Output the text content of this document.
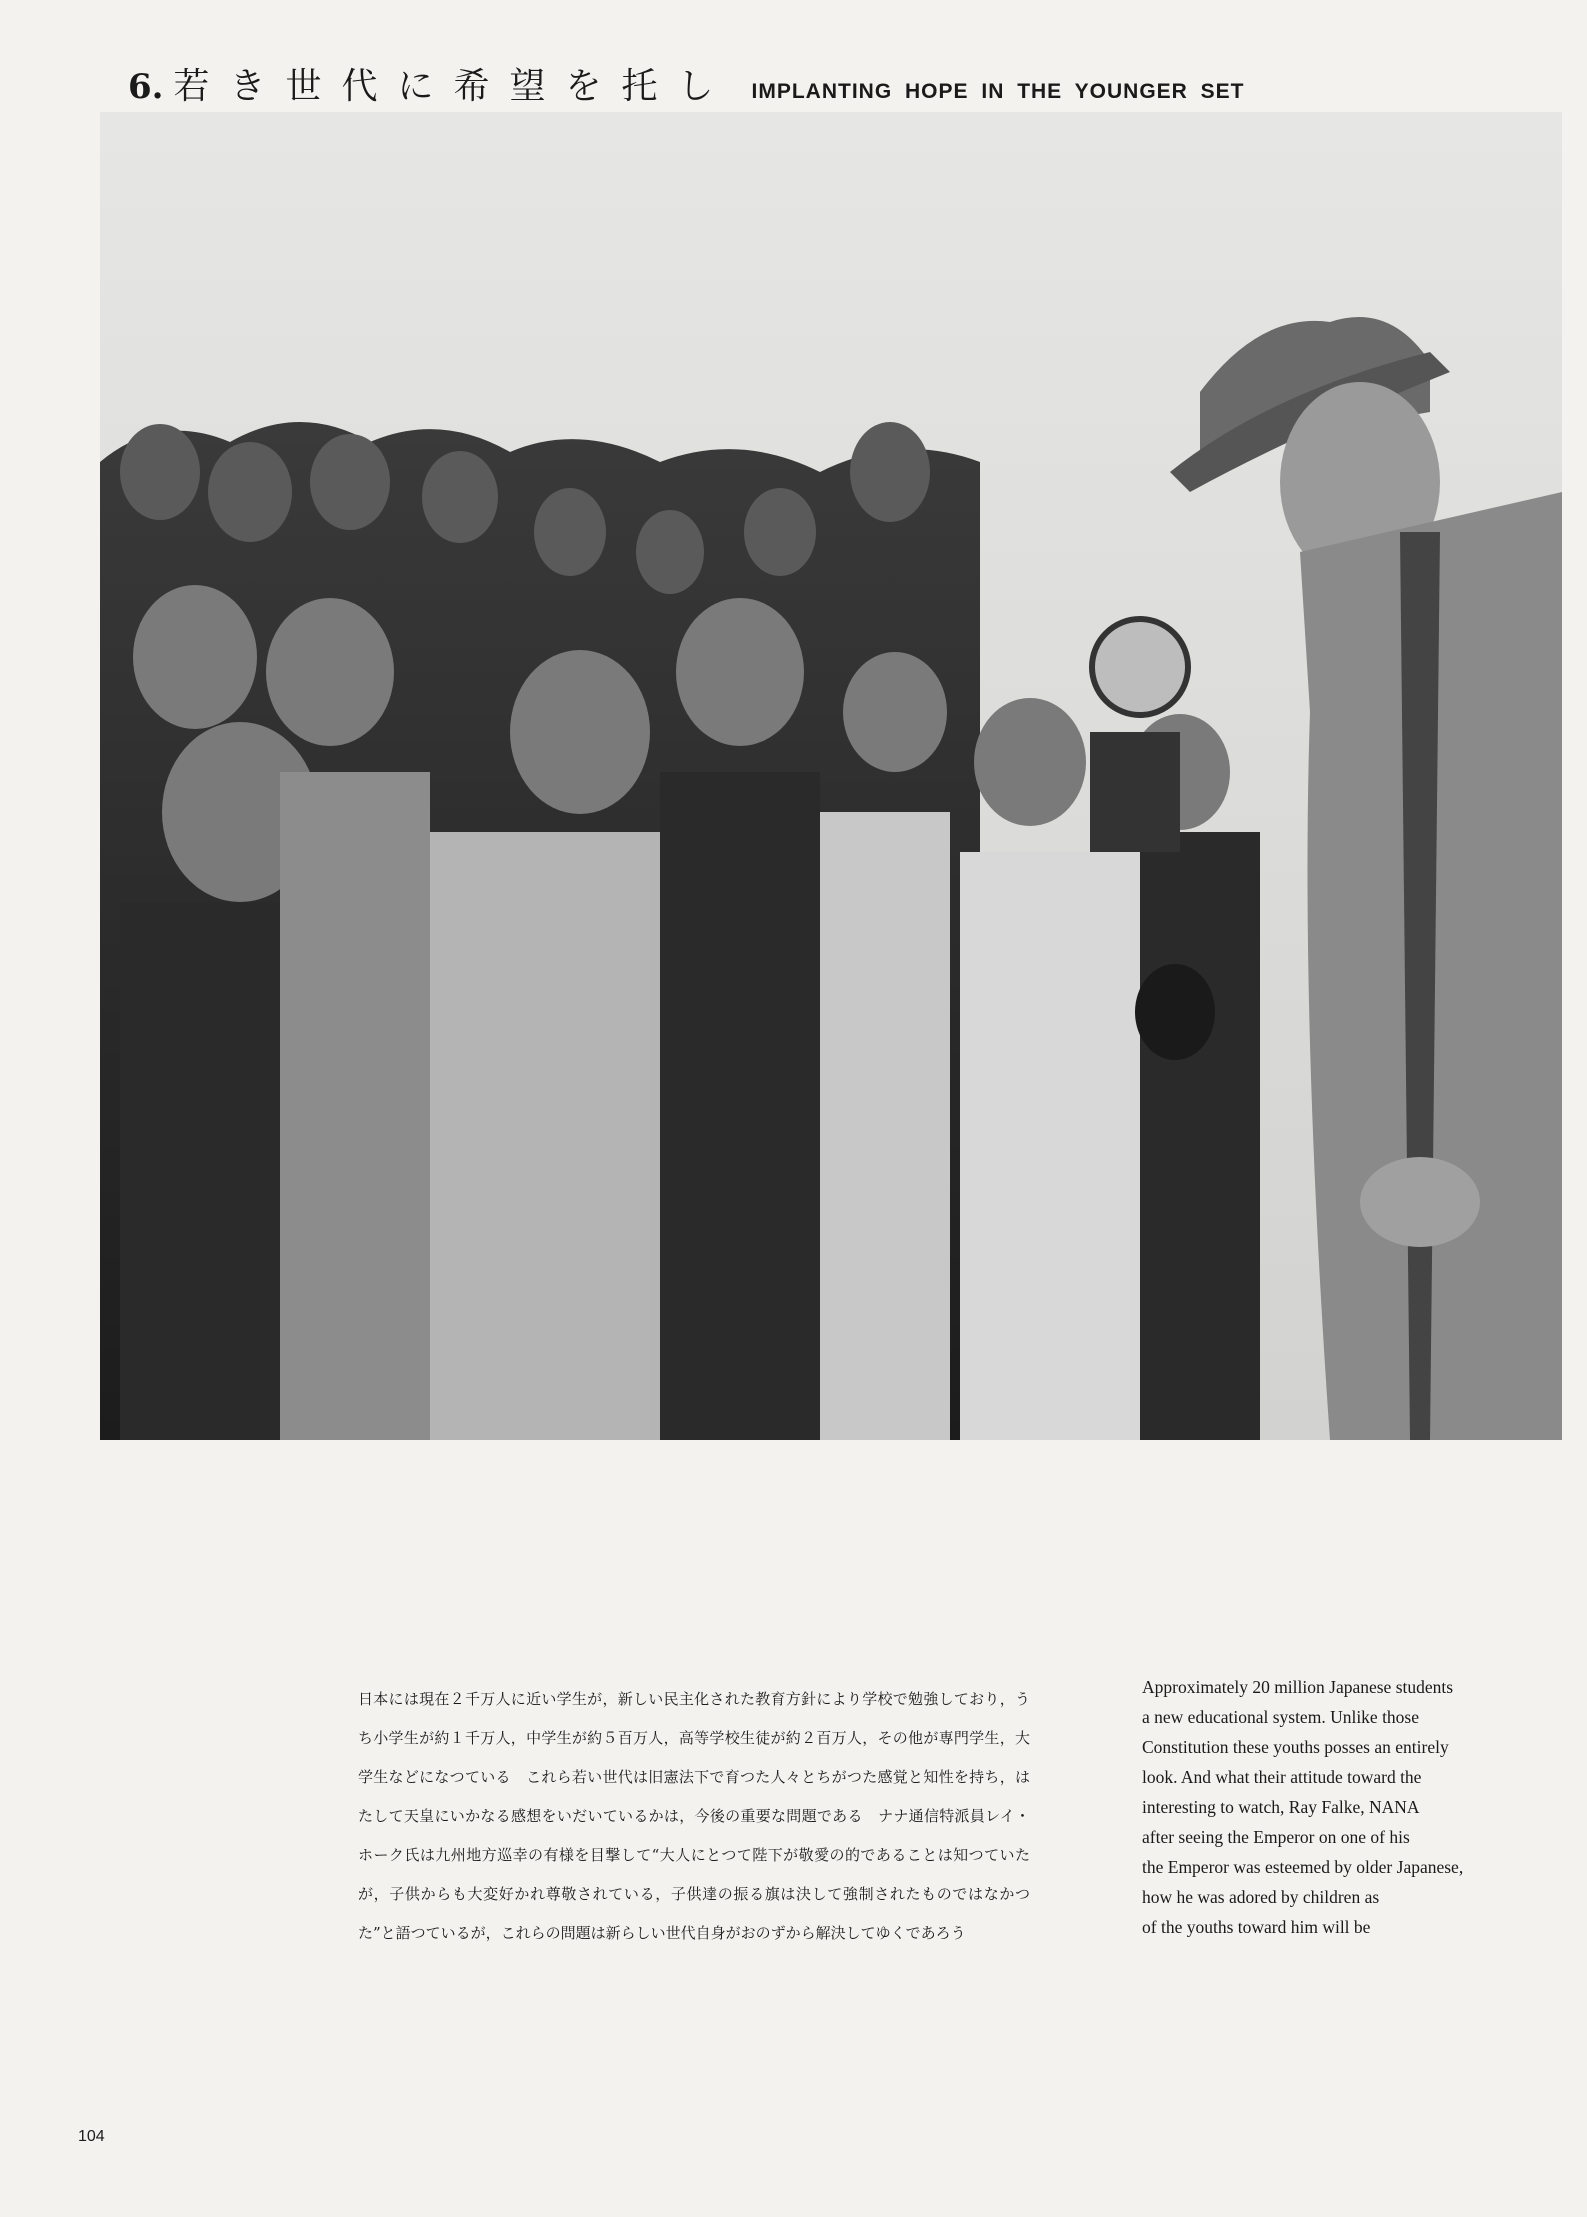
6. 若き世代に希望を托し IMPLANTING HOPE IN THE YOUNGER SET
日本には現在２千万人に近い学生が，新しい民主化された教育方針により学校で勉強しており，うち小学生が約１千万人，中学生が約５百万人，高等学校生徒が約２百万人，その他が専門学生，大学生などになつている　これら若い世代は旧憲法下で育つた人々とちがつた感覚と知性を持ち，はたして天皇にいかなる感想をいだいているかは，今後の重要な問題である　ナナ通信特派員レイ・ホーク氏は九州地方巡幸の有様を目撃して“大人にとつて陛下が敬愛の的であることは知つていたが，子供からも大変好かれ尊敬されている，子供達の振る旗は決して強制されたものではなかつた”と語つているが，これらの問題は新らしい世代自身がおのずから解決してゆくであろう
Approximately 20 million Japanese students
a new educational system. Unlike those
Constitution these youths posses an entirely
look. And what their attitude toward the
interesting to watch, Ray Falke, NANA
after seeing the Emperor on one of his
the Emperor was esteemed by older Japanese,
how he was adored by children as
of the youths toward him will be
104
